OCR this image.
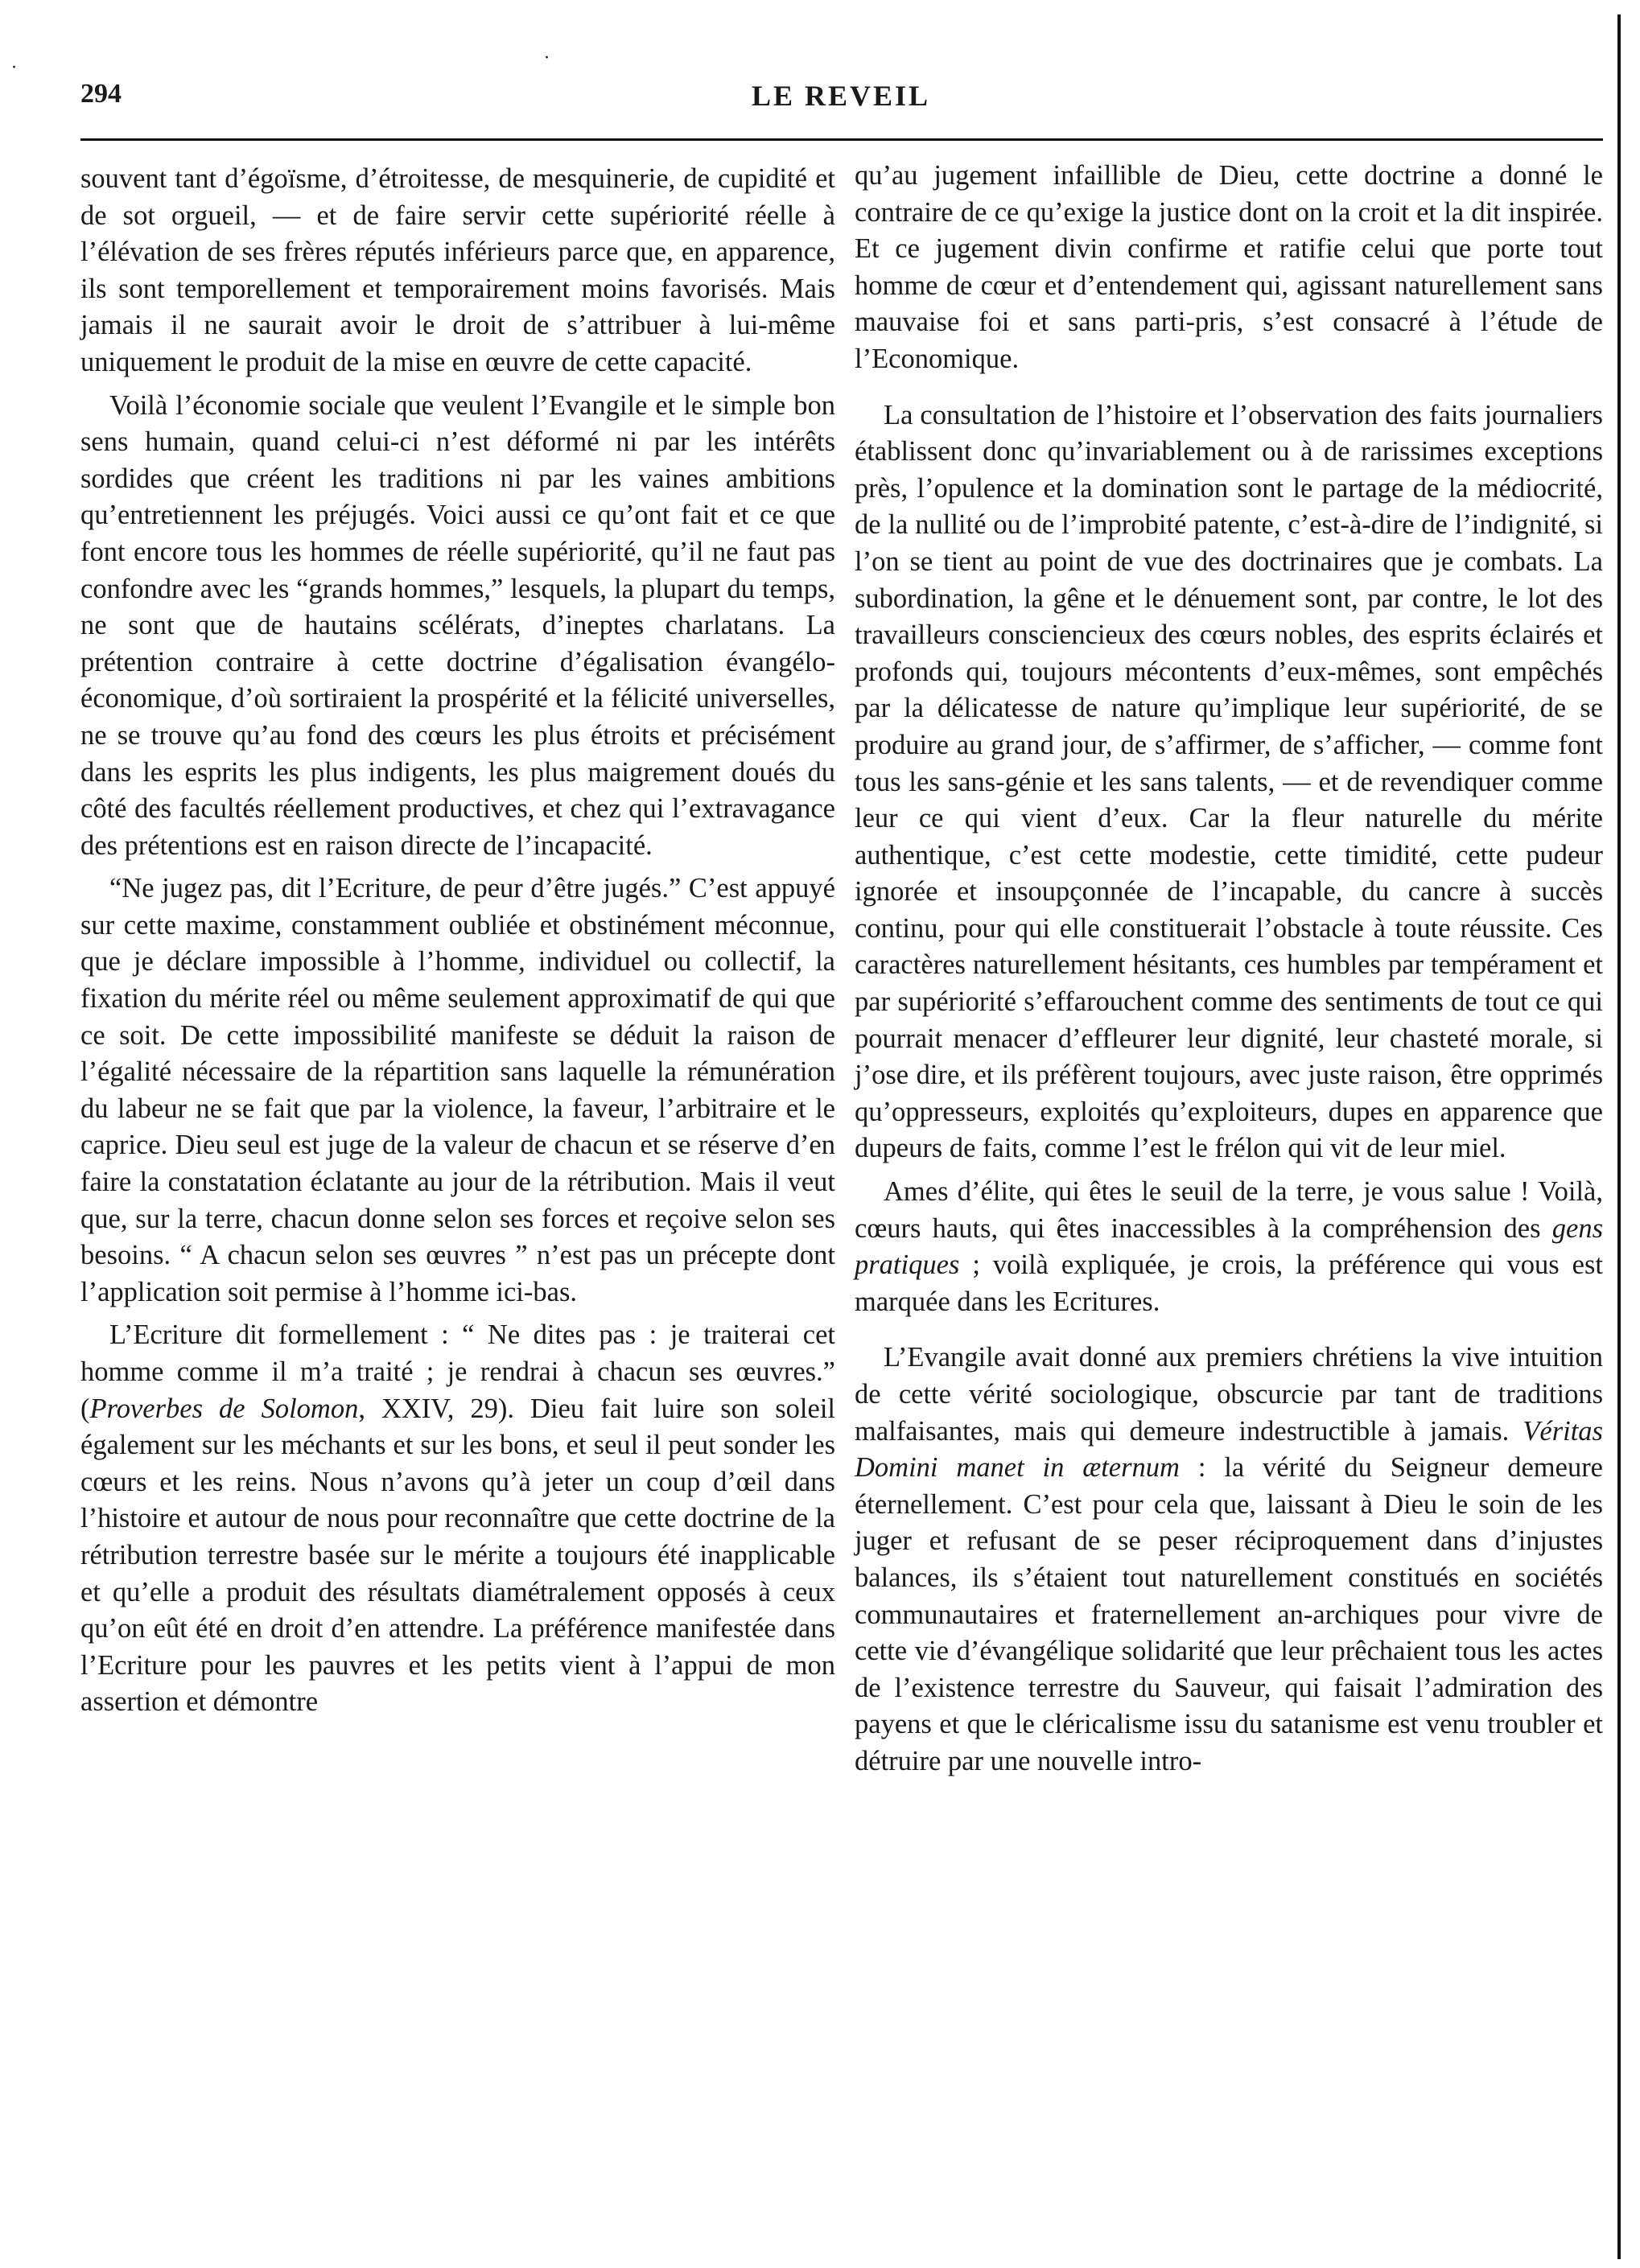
·	·
294	LE REVEIL

souvent tant d’égoïsme, d’étroitesse, de mesquinerie, de cupidité et de sot orgueil, — et de faire servir cette supériorité réelle à l’élévation de ses frères réputés inférieurs parce que, en apparence, ils sont temporellement et temporairement moins favorisés. Mais jamais il ne saurait avoir le droit de s’attribuer à lui-même uniquement le produit de la mise en œuvre de cette capacité.

Voilà l’économie sociale que veulent l’Evangile et le simple bon sens humain, quand celui-ci n’est déformé ni par les intérêts sordides que créent les traditions ni par les vaines ambitions qu’entretiennent les préjugés. Voici aussi ce qu’ont fait et ce que font encore tous les hommes de réelle supériorité, qu’il ne faut pas confondre avec les “grands hommes,” lesquels, la plupart du temps, ne sont que de hautains scélérats, d’ineptes charlatans. La prétention contraire à cette doctrine d’égalisation évangélo-économique, d’où sortiraient la prospérité et la félicité universelles, ne se trouve qu’au fond des cœurs les plus étroits et précisément dans les esprits les plus indigents, les plus maigrement doués du côté des facultés réellement productives, et chez qui l’extravagance des prétentions est en raison directe de l’incapacité.

“Ne jugez pas, dit l’Ecriture, de peur d’être jugés.” C’est appuyé sur cette maxime, constamment oubliée et obstinément méconnue, que je déclare impossible à l’homme, individuel ou collectif, la fixation du mérite réel ou même seulement approximatif de qui que ce soit. De cette impossibilité manifeste se déduit la raison de l’égalité nécessaire de la répartition sans laquelle la rémunération du labeur ne se fait que par la violence, la faveur, l’arbitraire et le caprice. Dieu seul est juge de la valeur de chacun et se réserve d’en faire la constatation éclatante au jour de la rétribution. Mais il veut que, sur la terre, chacun donne selon ses forces et reçoive selon ses besoins. “ A chacun selon ses œuvres ” n’est pas un précepte dont l’application soit permise à l’homme ici-bas.

L’Ecriture dit formellement : “ Ne dites pas : je traiterai cet homme comme il m’a traité ; je rendrai à chacun ses œuvres.” (Proverbes de Solomon, XXIV, 29). Dieu fait luire son soleil également sur les méchants et sur les bons, et seul il peut sonder les cœurs et les reins. Nous n’avons qu’à jeter un coup d’œil dans l’histoire et autour de nous pour reconnaître que cette doctrine de la rétribution terrestre basée sur le mérite a toujours été inapplicable et qu’elle a produit des résultats diamétralement opposés à ceux qu’on eût été en droit d’en attendre. La préférence manifestée dans l’Ecriture pour les pauvres et les petits vient à l’appui de mon assertion et démontre

qu’au jugement infaillible de Dieu, cette doctrine a donné le contraire de ce qu’exige la justice dont on la croit et la dit inspirée. Et ce jugement divin confirme et ratifie celui que porte tout homme de cœur et d’entendement qui, agissant naturellement sans mauvaise foi et sans parti-pris, s’est consacré à l’étude de l’Economique.

La consultation de l’histoire et l’observation des faits journaliers établissent donc qu’invariablement ou à de rarissimes exceptions près, l’opulence et la domination sont le partage de la médiocrité, de la nullité ou de l’improbité patente, c’est-à-dire de l’indignité, si l’on se tient au point de vue des doctrinaires que je combats. La subordination, la gêne et le dénuement sont, par contre, le lot des travailleurs consciencieux des cœurs nobles, des esprits éclairés et profonds qui, toujours mécontents d’eux-mêmes, sont empêchés par la délicatesse de nature qu’implique leur supériorité, de se produire au grand jour, de s’affirmer, de s’afficher, — comme font tous les sans-génie et les sans talents, — et de revendiquer comme leur ce qui vient d’eux. Car la fleur naturelle du mérite authentique, c’est cette modestie, cette timidité, cette pudeur ignorée et insoupçonnée de l’incapable, du cancre à succès continu, pour qui elle constituerait l’obstacle à toute réussite. Ces caractères naturellement hésitants, ces humbles par tempérament et par supériorité s’effarouchent comme des sentiments de tout ce qui pourrait menacer d’effleurer leur dignité, leur chasteté morale, si j’ose dire, et ils préfèrent toujours, avec juste raison, être opprimés qu’oppresseurs, exploités qu’exploiteurs, dupes en apparence que dupeurs de faits, comme l’est le frélon qui vit de leur miel.

Ames d’élite, qui êtes le seuil de la terre, je vous salue ! Voilà, cœurs hauts, qui êtes inaccessibles à la compréhension des gens pratiques ; voilà expliquée, je crois, la préférence qui vous est marquée dans les Ecritures.

L’Evangile avait donné aux premiers chrétiens la vive intuition de cette vérité sociologique, obscurcie par tant de traditions malfaisantes, mais qui demeure indestructible à jamais. Véritas Domini manet in æternum : la vérité du Seigneur demeure éternellement. C’est pour cela que, laissant à Dieu le soin de les juger et refusant de se peser réciproquement dans d’injustes balances, ils s’étaient tout naturellement constitués en sociétés communautaires et fraternellement an-archiques pour vivre de cette vie d’évangélique solidarité que leur prêchaient tous les actes de l’existence terrestre du Sauveur, qui faisait l’admiration des payens et que le cléricalisme issu du satanisme est venu troubler et détruire par une nouvelle intro-
